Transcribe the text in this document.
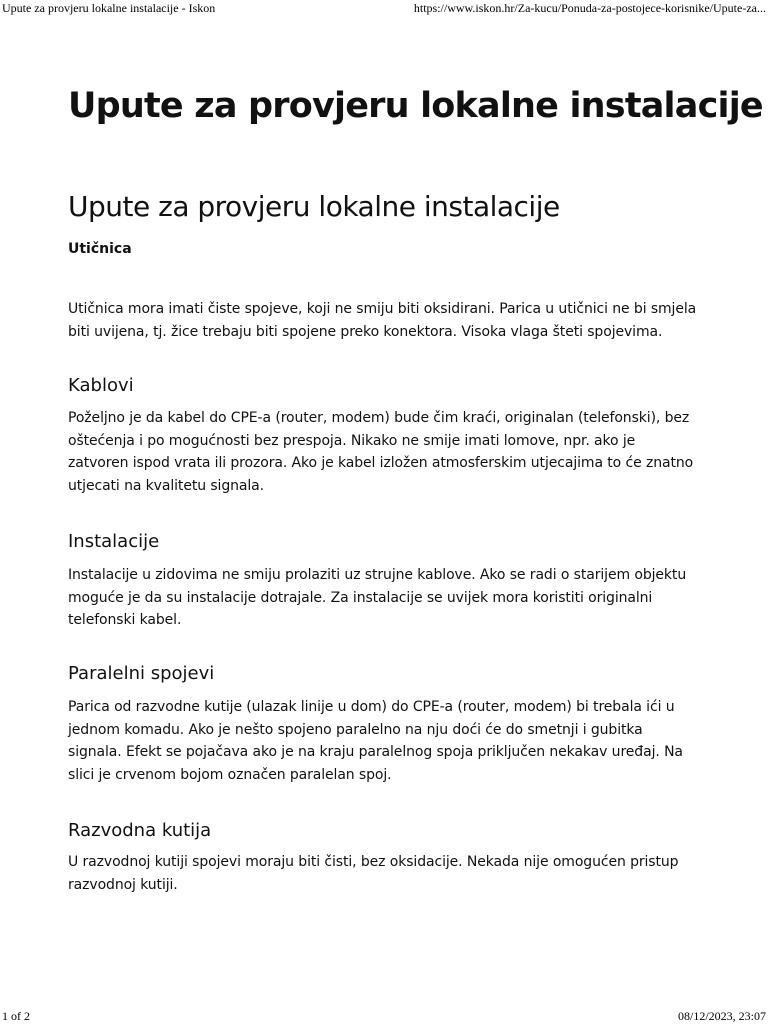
Upute za provjeru lokalne instalacije - Iskon	https://www.iskon.hr/Za-kucu/Ponuda-za-postojece-korisnike/Upute-za...
Upute za provjeru lokalne instalacije
Upute za provjeru lokalne instalacije
Utičnica

Utičnica mora imati čiste spojeve, koji ne smiju biti oksidirani. Parica u utičnici ne bi smjela biti uvijena, tj. žice trebaju biti spojene preko konektora. Visoka vlaga šteti spojevima.

Kablovi

Poželjno je da kabel do CPE-a (router, modem) bude čim kraći, originalan (telefonski), bez oštećenja i po mogućnosti bez prespoja. Nikako ne smije imati lomove, npr. ako je zatvoren ispod vrata ili prozora. Ako je kabel izložen atmosferskim utjecajima to će znatno utjecati na kvalitetu signala.

Instalacije

Instalacije u zidovima ne smiju prolaziti uz strujne kablove. Ako se radi o starijem objektu moguće je da su instalacije dotrajale. Za instalacije se uvijek mora koristiti originalni telefonski kabel.

Paralelni spojevi

Parica od razvodne kutije (ulazak linije u dom) do CPE-a (router, modem) bi trebala ići u jednom komadu. Ako je nešto spojeno paralelno na nju doći će do smetnji i gubitka signala. Efekt se pojačava ako je na kraju paralelnog spoja priključen nekakav uređaj. Na slici je crvenom bojom označen paralelan spoj.

Razvodna kutija

U razvodnoj kutiji spojevi moraju biti čisti, bez oksidacije. Nekada nije omogućen pristup razvodnoj kutiji.

1 of 2	08/12/2023, 23:07
